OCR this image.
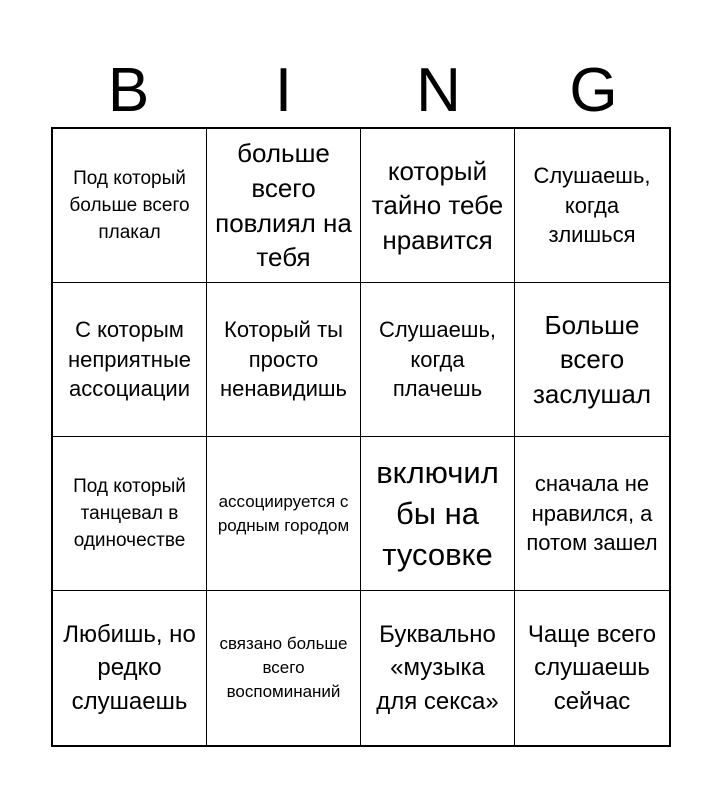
B	I	N	G
Под который больше всего плакал
больше всего повлиял на тебя
который тайно тебе нравится
Слушаешь, когда злишься
С которым неприятные ассоциации
Который ты просто ненавидишь
Слушаешь, когда плачешь
Больше всего заслушал
Под который танцевал в одиночестве
ассоциируется с родным городом
включил бы на тусовке
сначала не нравился, а потом зашел
Любишь, но редко слушаешь
связано больше всего воспоминаний
Буквально «музыка для секса»
Чаще всего слушаешь сейчас
